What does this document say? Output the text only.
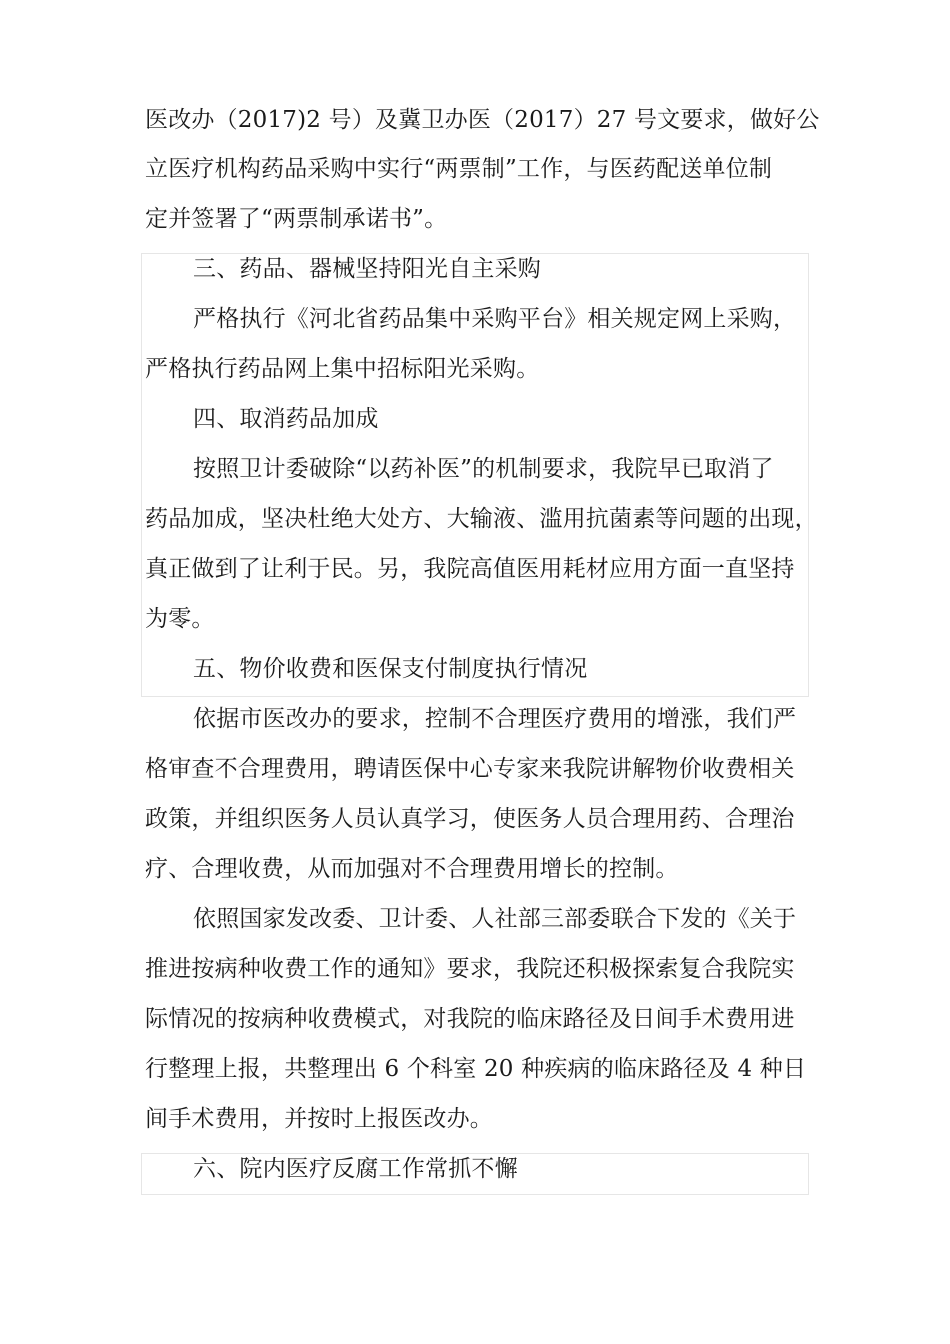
医改办（2017)2 号）及冀卫办医（2017）27 号文要求，做好公
立医疗机构药品采购中实行“两票制”工作，与医药配送单位制
定并签署了“两票制承诺书”。
三、药品、器械坚持阳光自主采购
严格执行《河北省药品集中采购平台》相关规定网上采购，
严格执行药品网上集中招标阳光采购。
四、取消药品加成
按照卫计委破除“以药补医”的机制要求，我院早已取消了
药品加成，坚决杜绝大处方、大输液、滥用抗菌素等问题的出现，
真正做到了让利于民。另，我院高值医用耗材应用方面一直坚持
为零。
五、物价收费和医保支付制度执行情况
依据市医改办的要求，控制不合理医疗费用的增涨，我们严
格审查不合理费用，聘请医保中心专家来我院讲解物价收费相关
政策，并组织医务人员认真学习，使医务人员合理用药、合理治
疗、合理收费，从而加强对不合理费用增长的控制。
依照国家发改委、卫计委、人社部三部委联合下发的《关于
推进按病种收费工作的通知》要求，我院还积极探索复合我院实
际情况的按病种收费模式，对我院的临床路径及日间手术费用进
行整理上报，共整理出 6 个科室 20 种疾病的临床路径及 4 种日
间手术费用，并按时上报医改办。
六、院内医疗反腐工作常抓不懈
